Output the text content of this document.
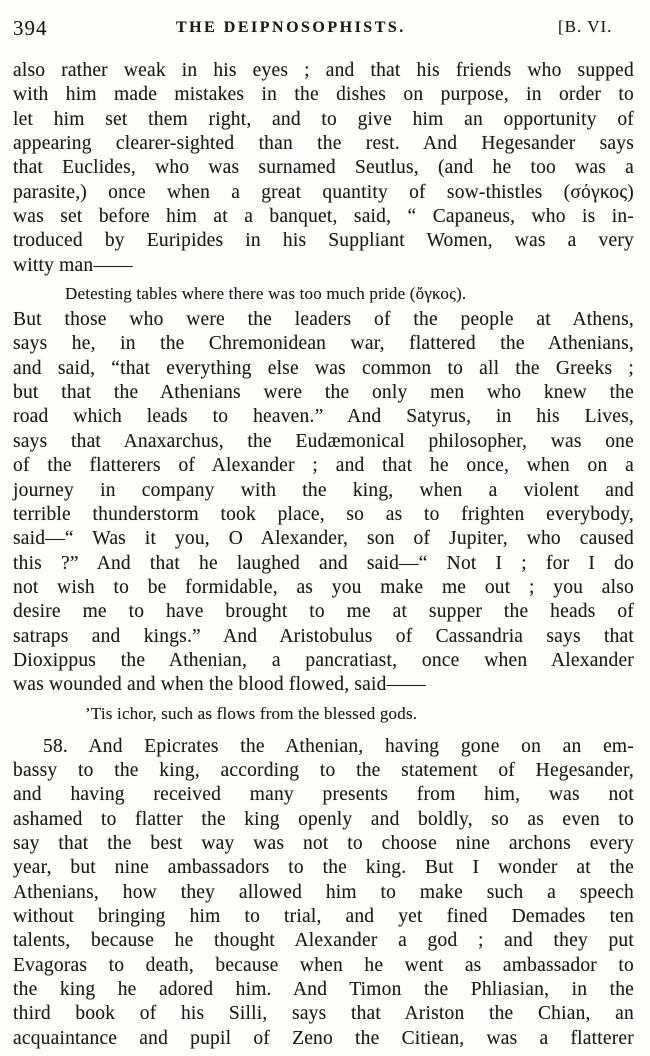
394	THE DEIPNOSOPHISTS.	[B. VI.
also rather weak in his eyes ; and that his friends who supped
with him made mistakes in the dishes on purpose, in order to
let him set them right, and to give him an opportunity of
appearing clearer-sighted than the rest. And Hegesander says
that Euclides, who was surnamed Seutlus, (and he too was a
parasite,) once when a great quantity of sow-thistles (σόγκος)
was set before him at a banquet, said, “ Capaneus, who is in-
troduced by Euripides in his Suppliant Women, was a very
witty man——
Detesting tables where there was too much pride (ὄγκος).
But those who were the leaders of the people at Athens,
says he, in the Chremonidean war, flattered the Athenians,
and said, “that everything else was common to all the Greeks ;
but that the Athenians were the only men who knew the
road which leads to heaven.” And Satyrus, in his Lives,
says that Anaxarchus, the Eudæmonical philosopher, was one
of the flatterers of Alexander ; and that he once, when on a
journey in company with the king, when a violent and
terrible thunderstorm took place, so as to frighten everybody,
said—“ Was it you, O Alexander, son of Jupiter, who caused
this ?” And that he laughed and said—“ Not I ; for I do
not wish to be formidable, as you make me out ; you also
desire me to have brought to me at supper the heads of
satraps and kings.” And Aristobulus of Cassandria says that
Dioxippus the Athenian, a pancratiast, once when Alexander
was wounded and when the blood flowed, said——
’Tis ichor, such as flows from the blessed gods.
58. And Epicrates the Athenian, having gone on an em-
bassy to the king, according to the statement of Hegesander,
and having received many presents from him, was not
ashamed to flatter the king openly and boldly, so as even to
say that the best way was not to choose nine archons every
year, but nine ambassadors to the king. But I wonder at the
Athenians, how they allowed him to make such a speech
without bringing him to trial, and yet fined Demades ten
talents, because he thought Alexander a god ; and they put
Evagoras to death, because when he went as ambassador to
the king he adored him. And Timon the Phliasian, in the
third book of his Silli, says that Ariston the Chian, an
acquaintance and pupil of Zeno the Citiean, was a flatterer
